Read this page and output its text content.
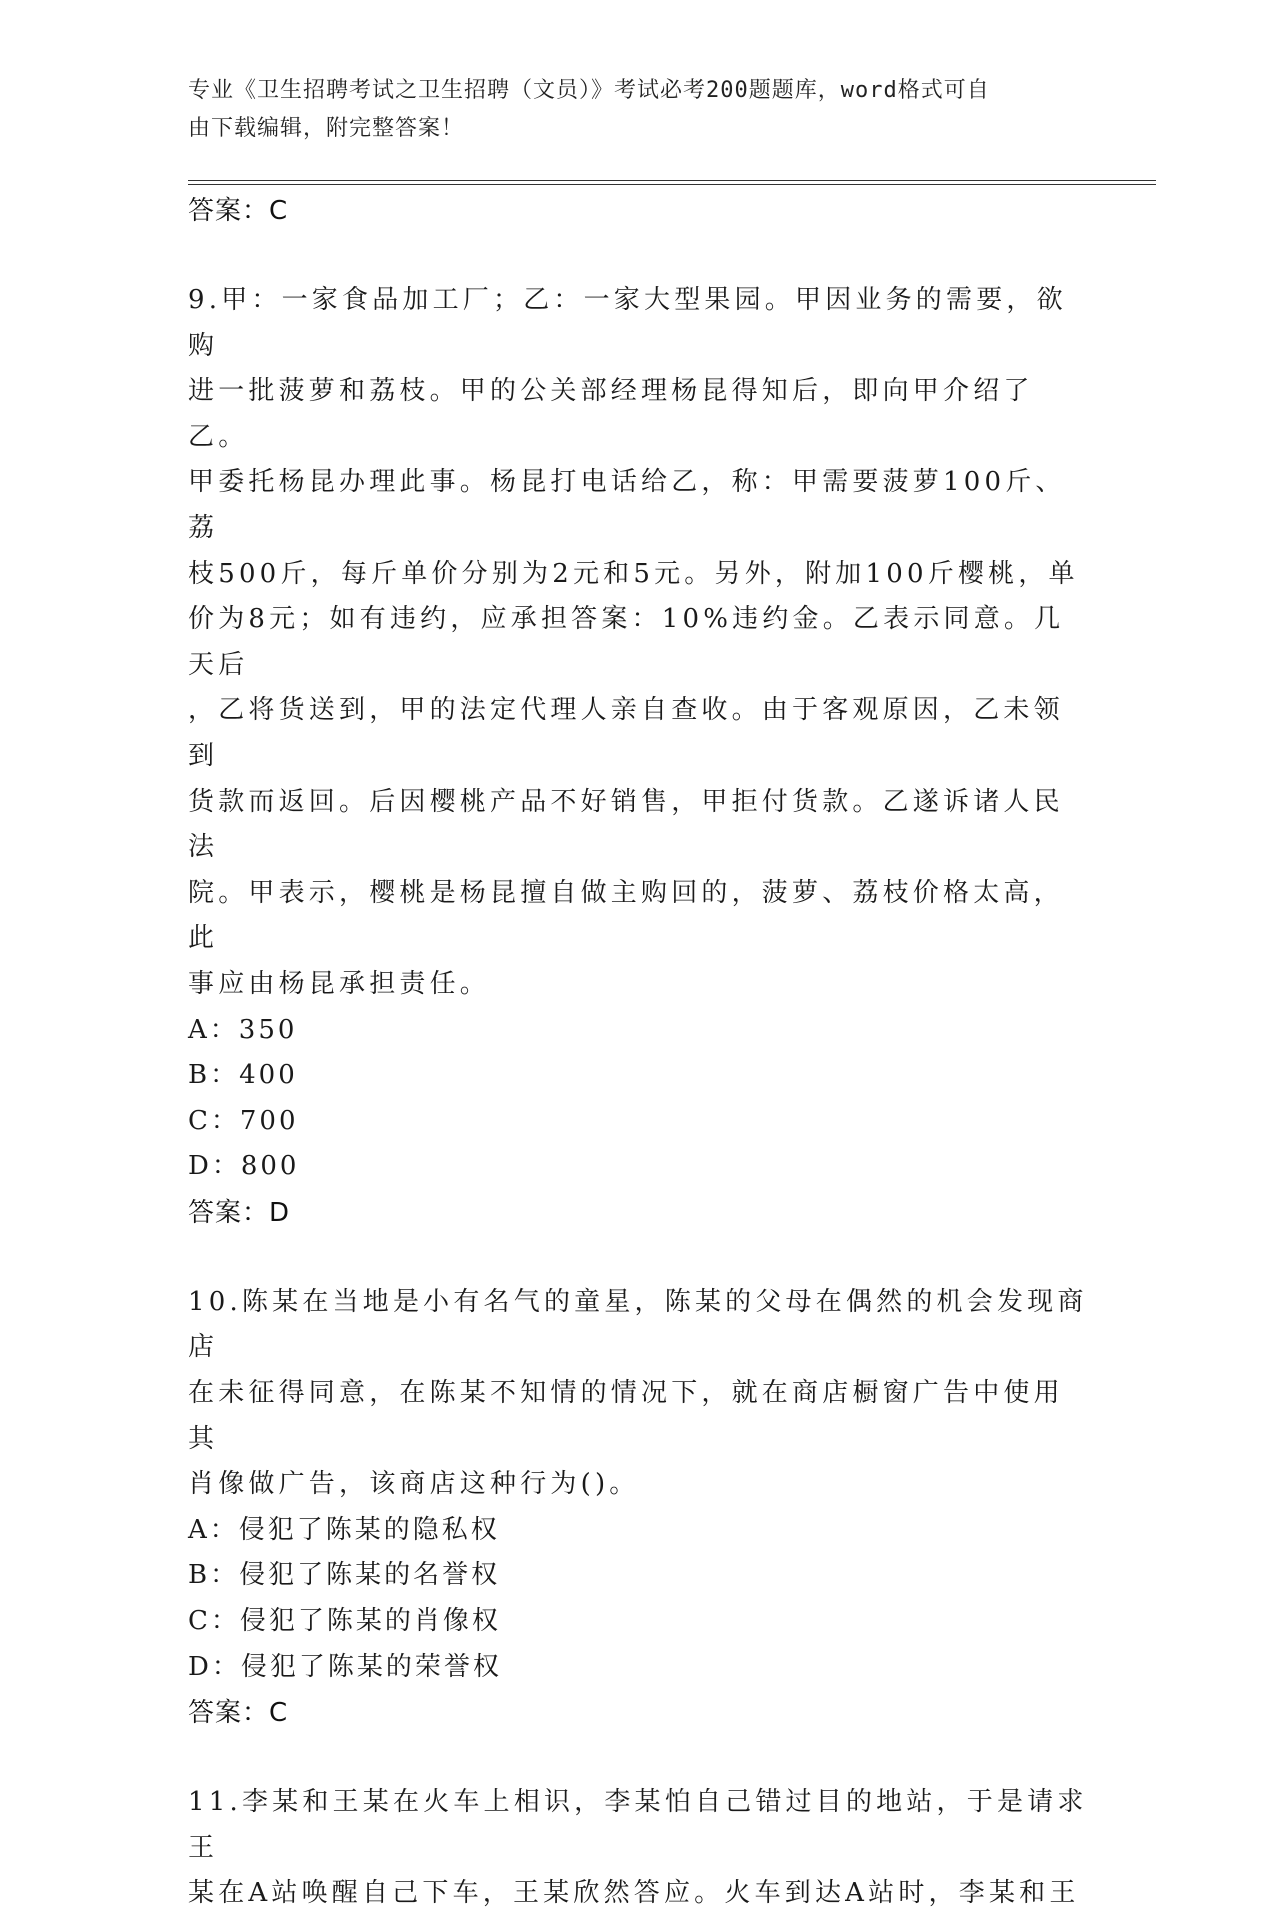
专业《卫生招聘考试之卫生招聘（文员）》考试必考200题题库，word格式可自
由下载编辑，附完整答案！
答案：C
9.甲：一家食品加工厂；乙：一家大型果园。甲因业务的需要，欲购
进一批菠萝和荔枝。甲的公关部经理杨昆得知后，即向甲介绍了乙。
甲委托杨昆办理此事。杨昆打电话给乙，称：甲需要菠萝100斤、荔
枝500斤，每斤单价分别为2元和5元。另外，附加100斤樱桃，单
价为8元；如有违约，应承担答案：10%违约金。乙表示同意。几天后
，乙将货送到，甲的法定代理人亲自查收。由于客观原因，乙未领到
货款而返回。后因樱桃产品不好销售，甲拒付货款。乙遂诉诸人民法
院。甲表示，樱桃是杨昆擅自做主购回的，菠萝、荔枝价格太高，此
事应由杨昆承担责任。
A：350
B：400
C：700
D：800
答案：D
10.陈某在当地是小有名气的童星，陈某的父母在偶然的机会发现商店
在未征得同意，在陈某不知情的情况下，就在商店橱窗广告中使用其
肖像做广告，该商店这种行为()。
A：侵犯了陈某的隐私权
B：侵犯了陈某的名誉权
C：侵犯了陈某的肖像权
D：侵犯了陈某的荣誉权
答案：C
11.李某和王某在火车上相识，李某怕自己错过目的地站，于是请求王
某在A站唤醒自己下车，王某欣然答应。火车到达A站时，李某和王
